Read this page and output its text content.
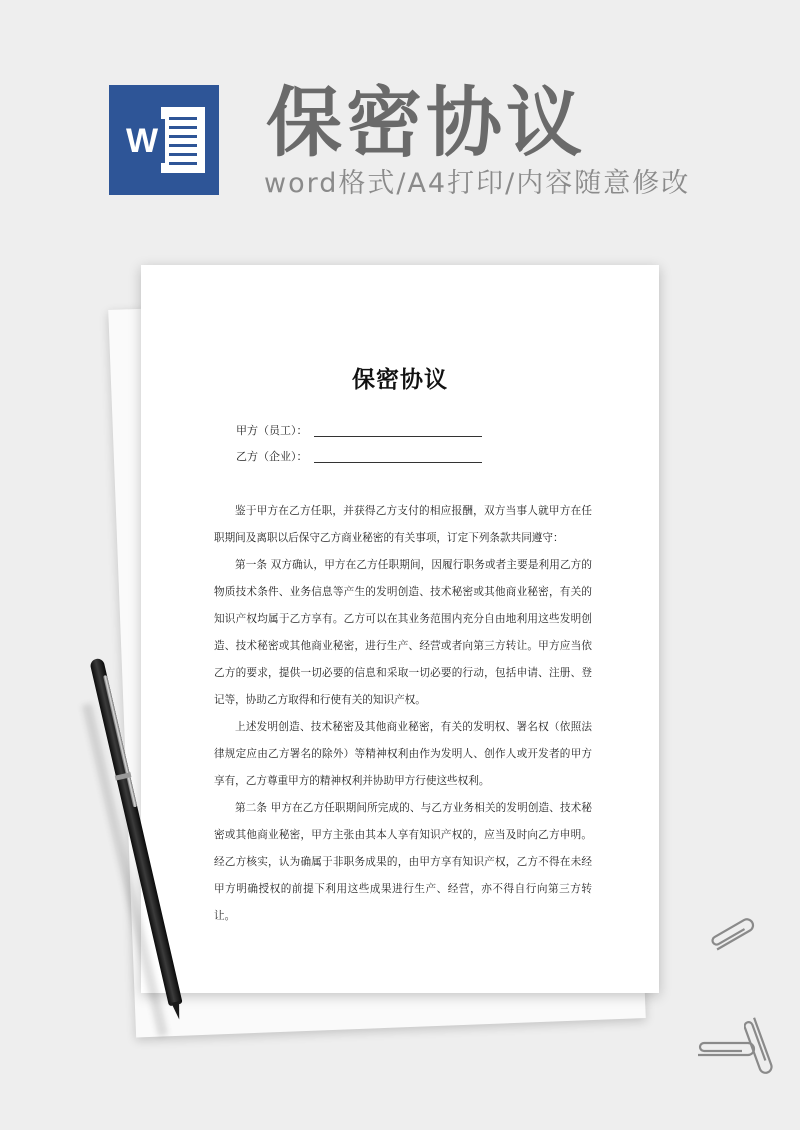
W 保密协议
word格式/A4打印/内容随意修改
保密协议
甲方（员工）：
乙方（企业）：

鉴于甲方在乙方任职，并获得乙方支付的相应报酬，双方当事人就甲方在任职期间及离职以后保守乙方商业秘密的有关事项，订定下列条款共同遵守：

第一条 双方确认，甲方在乙方任职期间，因履行职务或者主要是利用乙方的物质技术条件、业务信息等产生的发明创造、技术秘密或其他商业秘密，有关的知识产权均属于乙方享有。乙方可以在其业务范围内充分自由地利用这些发明创造、技术秘密或其他商业秘密，进行生产、经营或者向第三方转让。甲方应当依乙方的要求，提供一切必要的信息和采取一切必要的行动，包括申请、注册、登记等，协助乙方取得和行使有关的知识产权。

上述发明创造、技术秘密及其他商业秘密，有关的发明权、署名权（依照法律规定应由乙方署名的除外）等精神权利由作为发明人、创作人或开发者的甲方享有，乙方尊重甲方的精神权利并协助甲方行使这些权利。

第二条 甲方在乙方任职期间所完成的、与乙方业务相关的发明创造、技术秘密或其他商业秘密，甲方主张由其本人享有知识产权的，应当及时向乙方申明。经乙方核实，认为确属于非职务成果的，由甲方享有知识产权，乙方不得在未经甲方明确授权的前提下利用这些成果进行生产、经营，亦不得自行向第三方转让。
